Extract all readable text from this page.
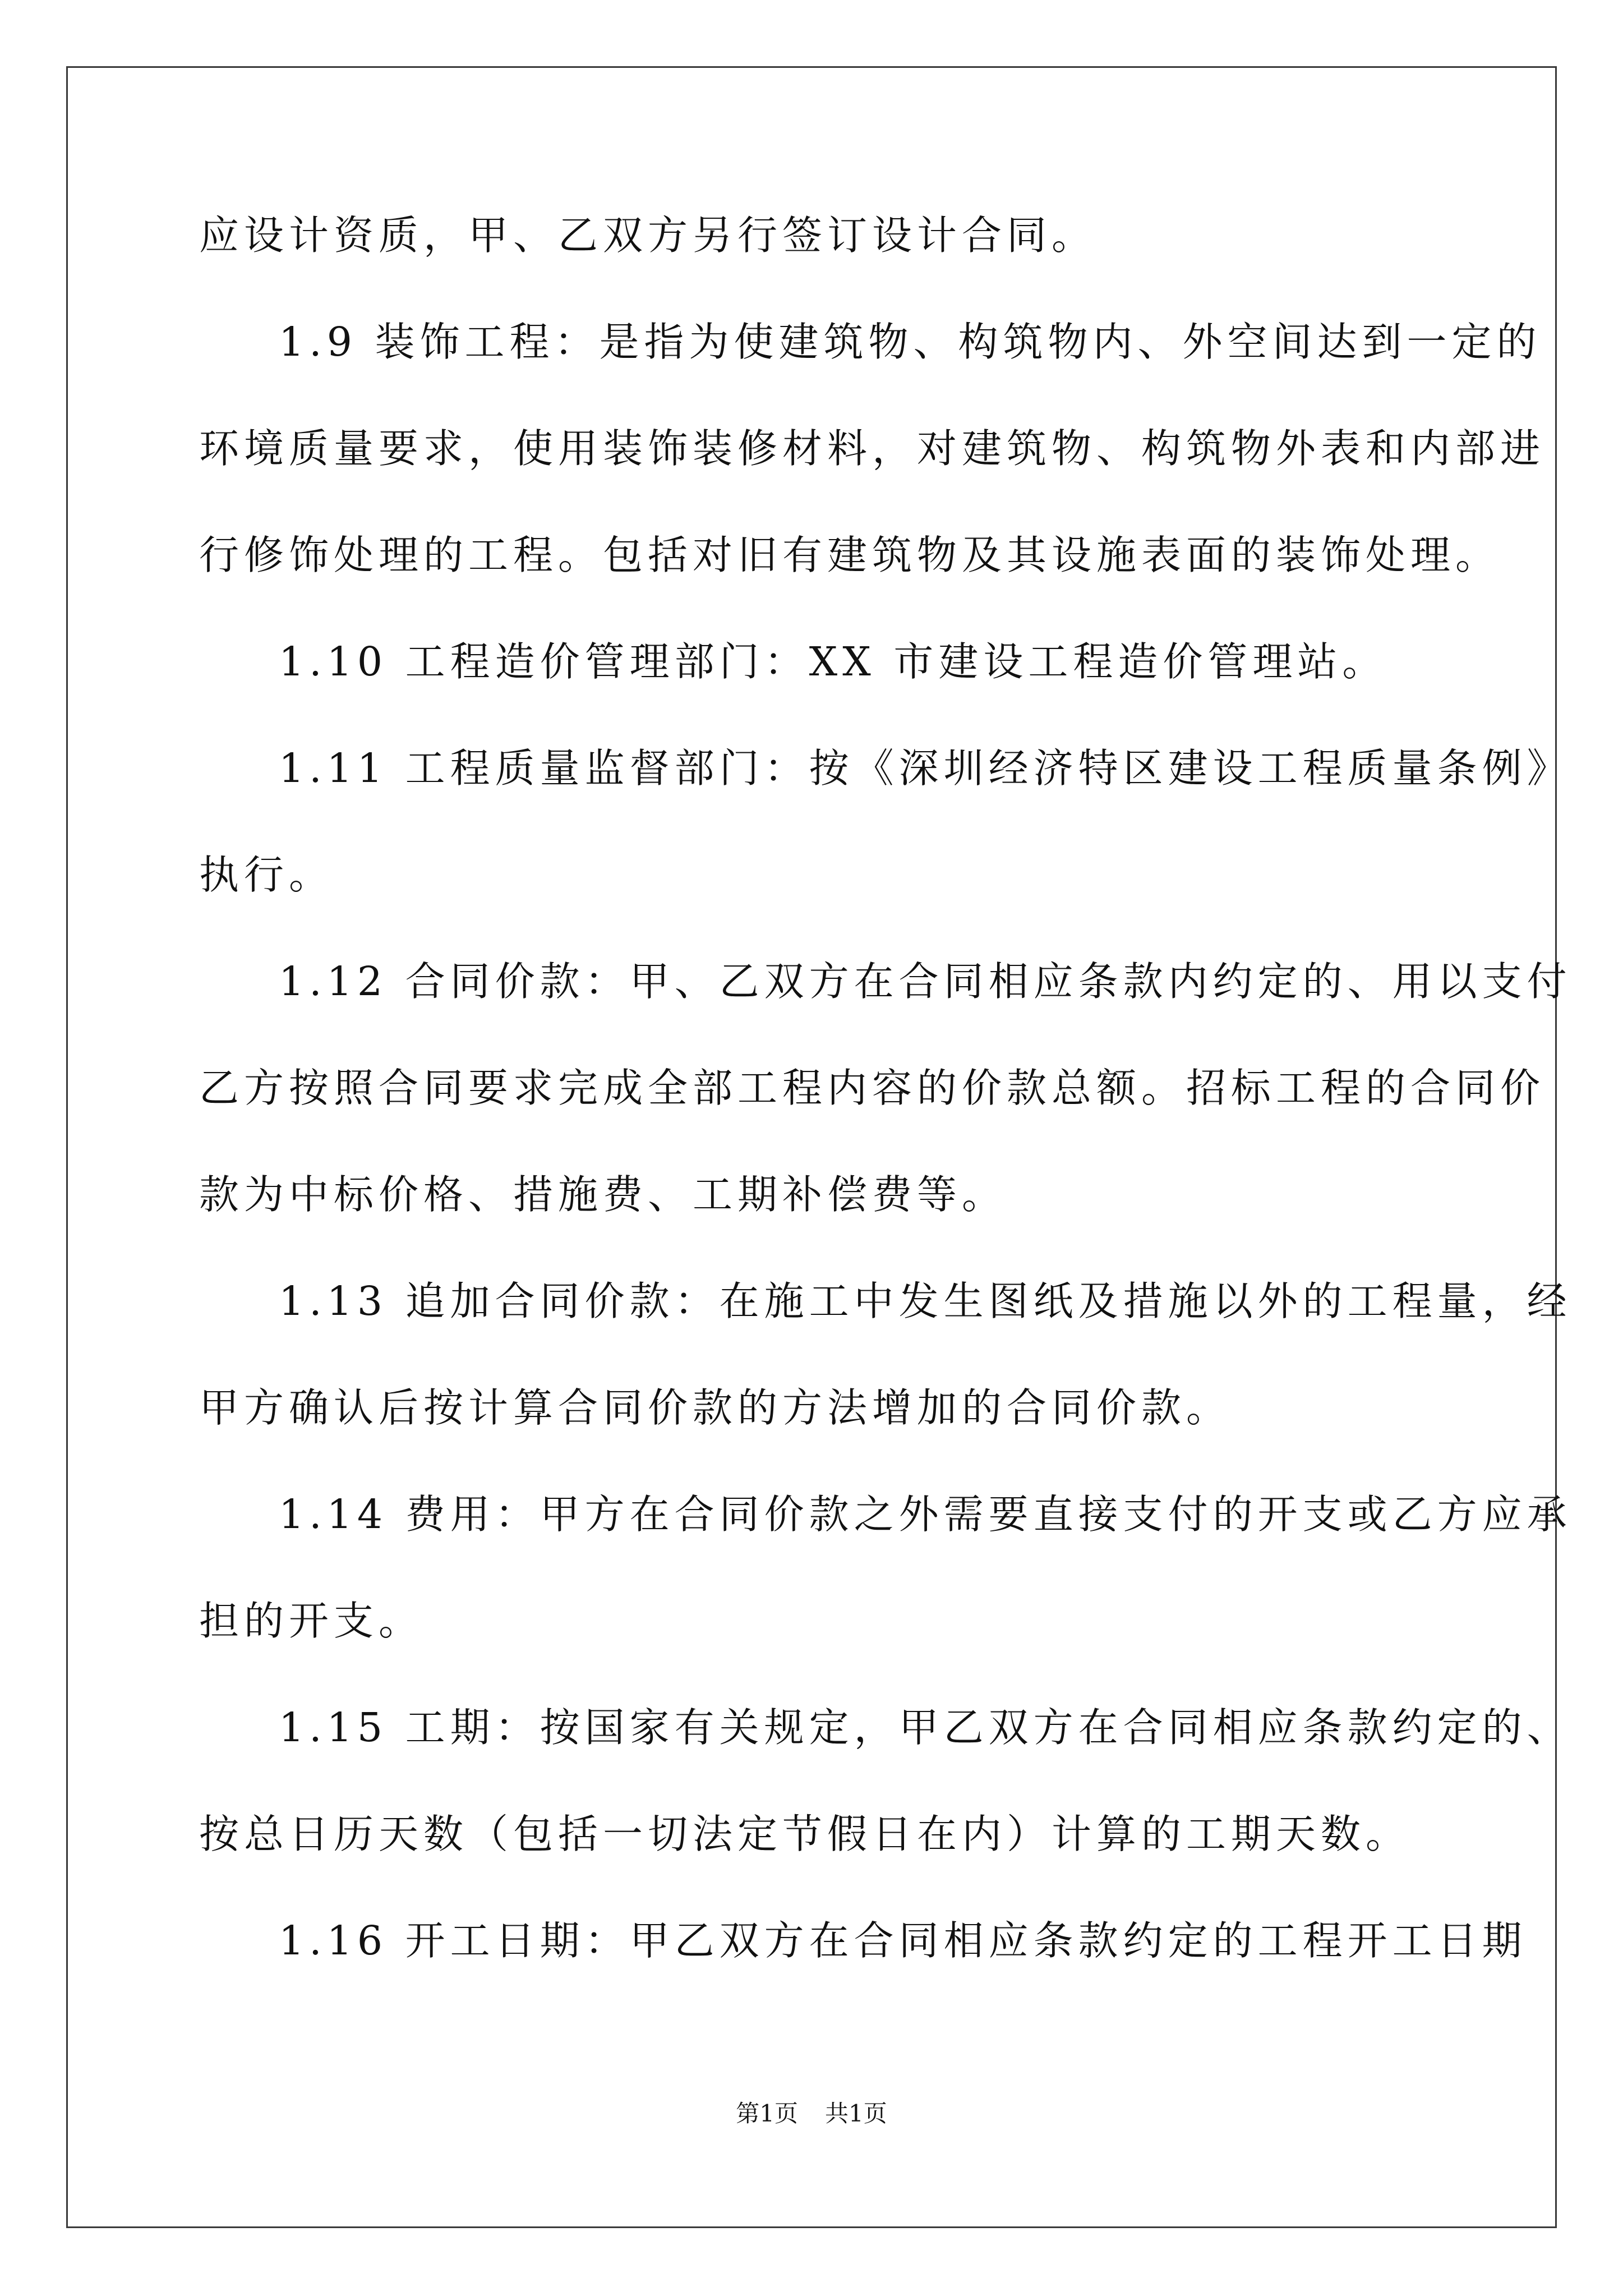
应设计资质，甲、乙双方另行签订设计合同。
1.9 装饰工程：是指为使建筑物、构筑物内、外空间达到一定的
环境质量要求，使用装饰装修材料，对建筑物、构筑物外表和内部进
行修饰处理的工程。包括对旧有建筑物及其设施表面的装饰处理。
1.10 工程造价管理部门：XX 市建设工程造价管理站。
1.11 工程质量监督部门：按《深圳经济特区建设工程质量条例》
执行。
1.12 合同价款：甲、乙双方在合同相应条款内约定的、用以支付
乙方按照合同要求完成全部工程内容的价款总额。招标工程的合同价
款为中标价格、措施费、工期补偿费等。
1.13 追加合同价款：在施工中发生图纸及措施以外的工程量，经
甲方确认后按计算合同价款的方法增加的合同价款。
1.14 费用：甲方在合同价款之外需要直接支付的开支或乙方应承
担的开支。
1.15 工期：按国家有关规定，甲乙双方在合同相应条款约定的、
按总日历天数（包括一切法定节假日在内）计算的工期天数。
1.16 开工日期：甲乙双方在合同相应条款约定的工程开工日期
第1页 共1页
